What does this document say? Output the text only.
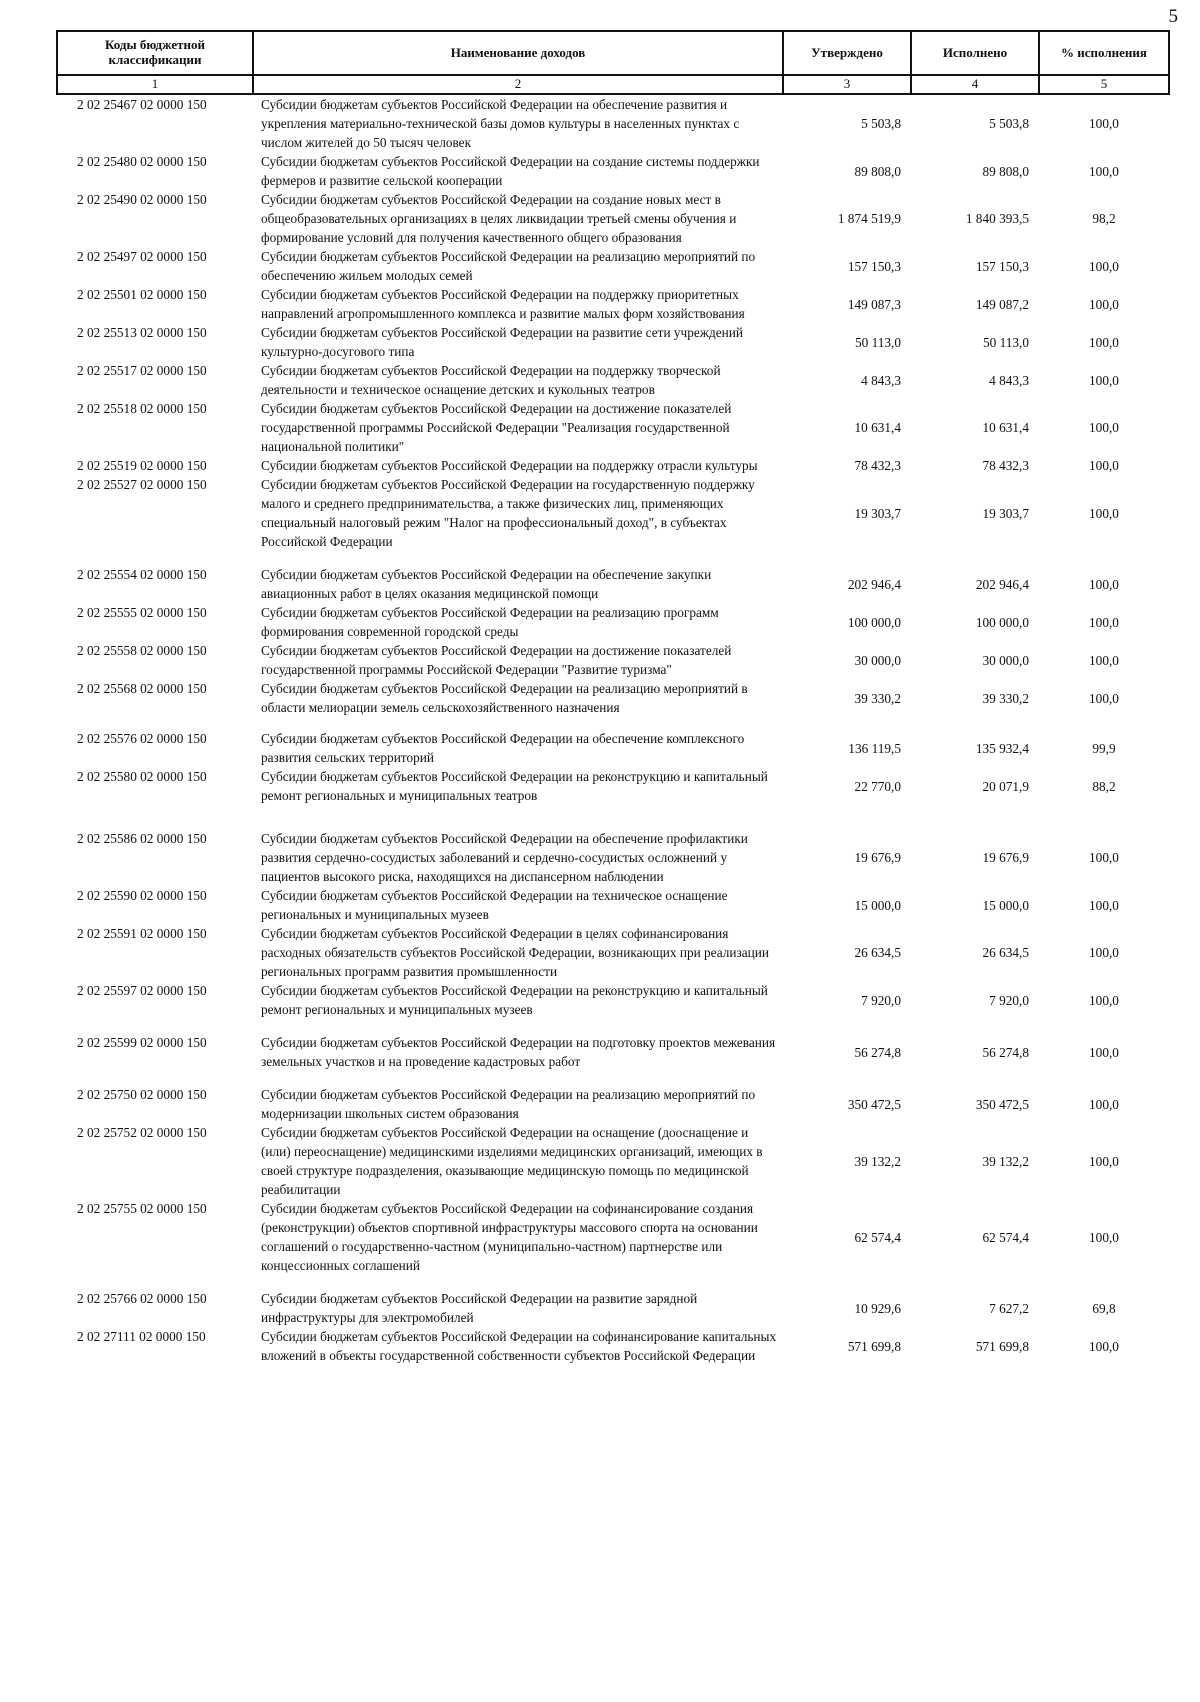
5
Коды бюджетной классификации	Наименование доходов	Утверждено	Исполнено	% исполнения
1	2	3	4	5
2 02 25467 02 0000 150	Субсидии бюджетам субъектов Российской Федерации на обеспечение развития и укрепления материально-технической базы домов культуры в населенных пунктах с числом жителей до 50 тысяч человек	5 503,8	5 503,8	100,0
2 02 25480 02 0000 150	Субсидии бюджетам субъектов Российской Федерации на создание системы поддержки фермеров и развитие сельской кооперации	89 808,0	89 808,0	100,0
2 02 25490 02 0000 150	Субсидии бюджетам субъектов Российской Федерации на создание новых мест в общеобразовательных организациях в целях ликвидации третьей смены обучения и формирование условий для получения качественного общего образования	1 874 519,9	1 840 393,5	98,2
2 02 25497 02 0000 150	Субсидии бюджетам субъектов Российской Федерации на реализацию мероприятий по обеспечению жильем молодых семей	157 150,3	157 150,3	100,0
2 02 25501 02 0000 150	Субсидии бюджетам субъектов Российской Федерации на поддержку приоритетных направлений агропромышленного комплекса и развитие малых форм хозяйствования	149 087,3	149 087,2	100,0
2 02 25513 02 0000 150	Субсидии бюджетам субъектов Российской Федерации на развитие сети учреждений культурно-досугового типа	50 113,0	50 113,0	100,0
2 02 25517 02 0000 150	Субсидии бюджетам субъектов Российской Федерации на поддержку творческой деятельности и техническое оснащение детских и кукольных театров	4 843,3	4 843,3	100,0
2 02 25518 02 0000 150	Субсидии бюджетам субъектов Российской Федерации на достижение показателей государственной программы Российской Федерации "Реализация государственной национальной политики"	10 631,4	10 631,4	100,0
2 02 25519 02 0000 150	Субсидии бюджетам субъектов Российской Федерации на поддержку отрасли культуры	78 432,3	78 432,3	100,0
2 02 25527 02 0000 150	Субсидии бюджетам субъектов Российской Федерации на государственную поддержку малого и среднего предпринимательства, а также физических лиц, применяющих специальный налоговый режим "Налог на профессиональный доход", в субъектах Российской Федерации	19 303,7	19 303,7	100,0
2 02 25554 02 0000 150	Субсидии бюджетам субъектов Российской Федерации на обеспечение закупки авиационных работ в целях оказания медицинской помощи	202 946,4	202 946,4	100,0
2 02 25555 02 0000 150	Субсидии бюджетам субъектов Российской Федерации на реализацию программ формирования современной городской среды	100 000,0	100 000,0	100,0
2 02 25558 02 0000 150	Субсидии бюджетам субъектов Российской Федерации на достижение показателей государственной программы Российской Федерации "Развитие туризма"	30 000,0	30 000,0	100,0
2 02 25568 02 0000 150	Субсидии бюджетам субъектов Российской Федерации на реализацию мероприятий в области мелиорации земель сельскохозяйственного назначения	39 330,2	39 330,2	100,0
2 02 25576 02 0000 150	Субсидии бюджетам субъектов Российской Федерации на обеспечение комплексного развития сельских территорий	136 119,5	135 932,4	99,9
2 02 25580 02 0000 150	Субсидии бюджетам субъектов Российской Федерации на реконструкцию и капитальный ремонт региональных и муниципальных театров	22 770,0	20 071,9	88,2
2 02 25586 02 0000 150	Субсидии бюджетам субъектов Российской Федерации на обеспечение профилактики развития сердечно-сосудистых заболеваний и сердечно-сосудистых осложнений у пациентов высокого риска, находящихся на диспансерном наблюдении	19 676,9	19 676,9	100,0
2 02 25590 02 0000 150	Субсидии бюджетам субъектов Российской Федерации на техническое оснащение региональных и муниципальных музеев	15 000,0	15 000,0	100,0
2 02 25591 02 0000 150	Субсидии бюджетам субъектов Российской Федерации в целях софинансирования расходных обязательств субъектов Российской Федерации, возникающих при реализации региональных программ развития промышленности	26 634,5	26 634,5	100,0
2 02 25597 02 0000 150	Субсидии бюджетам субъектов Российской Федерации на реконструкцию и капитальный ремонт региональных и муниципальных музеев	7 920,0	7 920,0	100,0
2 02 25599 02 0000 150	Субсидии бюджетам субъектов Российской Федерации на подготовку проектов межевания земельных участков и на проведение кадастровых работ	56 274,8	56 274,8	100,0
2 02 25750 02 0000 150	Субсидии бюджетам субъектов Российской Федерации на реализацию мероприятий по модернизации школьных систем образования	350 472,5	350 472,5	100,0
2 02 25752 02 0000 150	Субсидии бюджетам субъектов Российской Федерации на оснащение (дооснащение и (или) переоснащение) медицинскими изделиями медицинских организаций, имеющих в своей структуре подразделения, оказывающие медицинскую помощь по медицинской реабилитации	39 132,2	39 132,2	100,0
2 02 25755 02 0000 150	Субсидии бюджетам субъектов Российской Федерации на софинансирование создания (реконструкции) объектов спортивной инфраструктуры массового спорта на основании соглашений о государственно-частном (муниципально-частном) партнерстве или концессионных соглашений	62 574,4	62 574,4	100,0
2 02 25766 02 0000 150	Субсидии бюджетам субъектов Российской Федерации на развитие зарядной инфраструктуры для электромобилей	10 929,6	7 627,2	69,8
2 02 27111 02 0000 150	Субсидии бюджетам субъектов Российской Федерации на софинансирование капитальных вложений в объекты государственной собственности субъектов Российской Федерации	571 699,8	571 699,8	100,0
